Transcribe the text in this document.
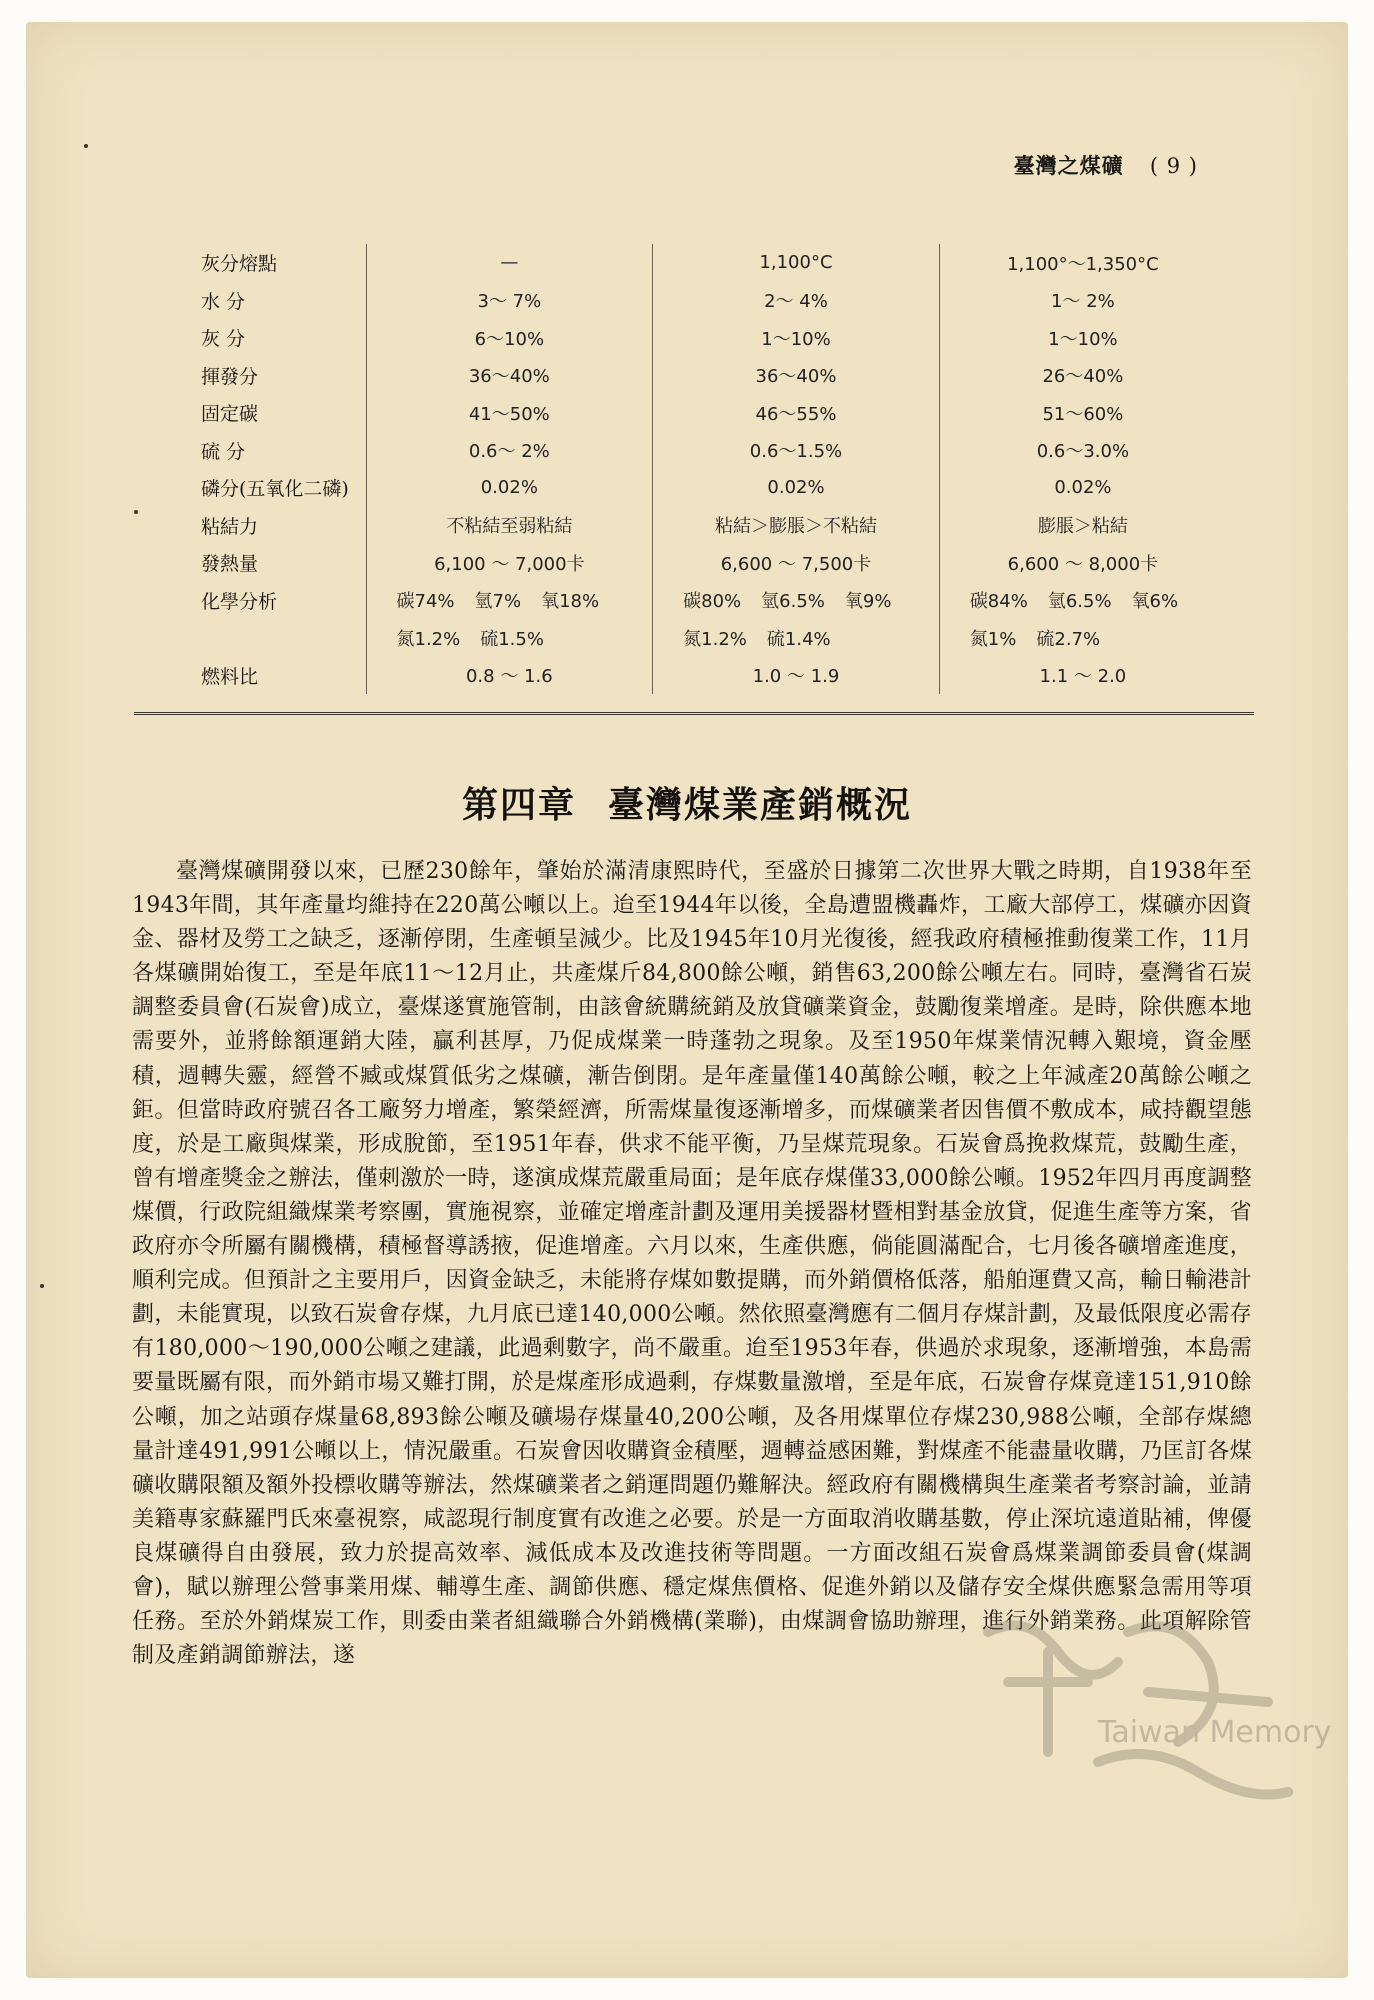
臺灣之煤礦 ( 9 )
灰分熔點	—	1,100°C	1,100°～1,350°C
水 分	3～ 7%	2～ 4%	1～ 2%
灰 分	6～10%	1～10%	1～10%
揮發分	36～40%	36～40%	26～40%
固定碳	41～50%	46～55%	51～60%
硫 分	0.6～ 2%	0.6～1.5%	0.6～3.0%
磷分(五氧化二磷)	0.02%	0.02%	0.02%
粘結力	不粘結至弱粘結	粘結＞膨脹＞不粘結	膨脹＞粘結
發熱量	6,100 ～ 7,000卡	6,600 ～ 7,500卡	6,600 ～ 8,000卡
化學分析	碳74% 氫7% 氧18%	碳80% 氫6.5% 氧9%	碳84% 氫6.5% 氧6%
	氮1.2% 硫1.5%	氮1.2% 硫1.4%	氮1% 硫2.7%
燃料比	0.8 ～ 1.6	1.0 ～ 1.9	1.1 ～ 2.0
第四章 臺灣煤業產銷概況

臺灣煤礦開發以來，已歷230餘年，肇始於滿清康熙時代，至盛於日據第二次世界大戰之時期，自1938年至1943年間，其年產量均維持在220萬公噸以上。迨至1944年以後，全島遭盟機轟炸，工廠大部停工，煤礦亦因資金、器材及勞工之缺乏，逐漸停閉，生產頓呈減少。比及1945年10月光復後，經我政府積極推動復業工作，11月各煤礦開始復工，至是年底11～12月止，共產煤斤84,800餘公噸，銷售63,200餘公噸左右。同時，臺灣省石炭調整委員會(石炭會)成立，臺煤遂實施管制，由該會統購統銷及放貸礦業資金，鼓勵復業增產。是時，除供應本地需要外，並將餘額運銷大陸，贏利甚厚，乃促成煤業一時蓬勃之現象。及至1950年煤業情況轉入艱境，資金壓積，週轉失靈，經營不臧或煤質低劣之煤礦，漸告倒閉。是年產量僅140萬餘公噸，較之上年減產20萬餘公噸之鉅。但當時政府號召各工廠努力增產，繁榮經濟，所需煤量復逐漸增多，而煤礦業者因售價不敷成本，咸持觀望態度，於是工廠與煤業，形成脫節，至1951年春，供求不能平衡，乃呈煤荒現象。石炭會爲挽救煤荒，鼓勵生產，曾有增產獎金之辦法，僅刺激於一時，遂演成煤荒嚴重局面；是年底存煤僅33,000餘公噸。1952年四月再度調整煤價，行政院組織煤業考察團，實施視察，並確定增產計劃及運用美援器材暨相對基金放貸，促進生產等方案，省政府亦令所屬有關機構，積極督導誘掖，促進增產。六月以來，生產供應，倘能圓滿配合，七月後各礦增產進度，順利完成。但預計之主要用戶，因資金缺乏，未能將存煤如數提購，而外銷價格低落，船舶運費又高，輸日輸港計劃，未能實現，以致石炭會存煤，九月底已達140,000公噸。然依照臺灣應有二個月存煤計劃，及最低限度必需存有180,000～190,000公噸之建議，此過剩數字，尚不嚴重。迨至1953年春，供過於求現象，逐漸增強，本島需要量既屬有限，而外銷市場又難打開，於是煤產形成過剩，存煤數量激增，至是年底，石炭會存煤竟達151,910餘公噸，加之站頭存煤量68,893餘公噸及礦場存煤量40,200公噸，及各用煤單位存煤230,988公噸，全部存煤總量計達491,991公噸以上，情況嚴重。石炭會因收購資金積壓，週轉益感困難，對煤產不能盡量收購，乃匡訂各煤礦收購限額及額外投標收購等辦法，然煤礦業者之銷運問題仍難解決。經政府有關機構與生產業者考察討論，並請美籍專家蘇羅門氏來臺視察，咸認現行制度實有改進之必要。於是一方面取消收購基數，停止深坑遠道貼補，俾優良煤礦得自由發展，致力於提高效率、減低成本及改進技術等問題。一方面改組石炭會爲煤業調節委員會(煤調會)，賦以辦理公營事業用煤、輔導生產、調節供應、穩定煤焦價格、促進外銷以及儲存安全煤供應緊急需用等項任務。至於外銷煤炭工作，則委由業者組織聯合外銷機構(業聯)，由煤調會協助辦理，進行外銷業務。此項解除管制及產銷調節辦法，遂

Taiwan Memory
